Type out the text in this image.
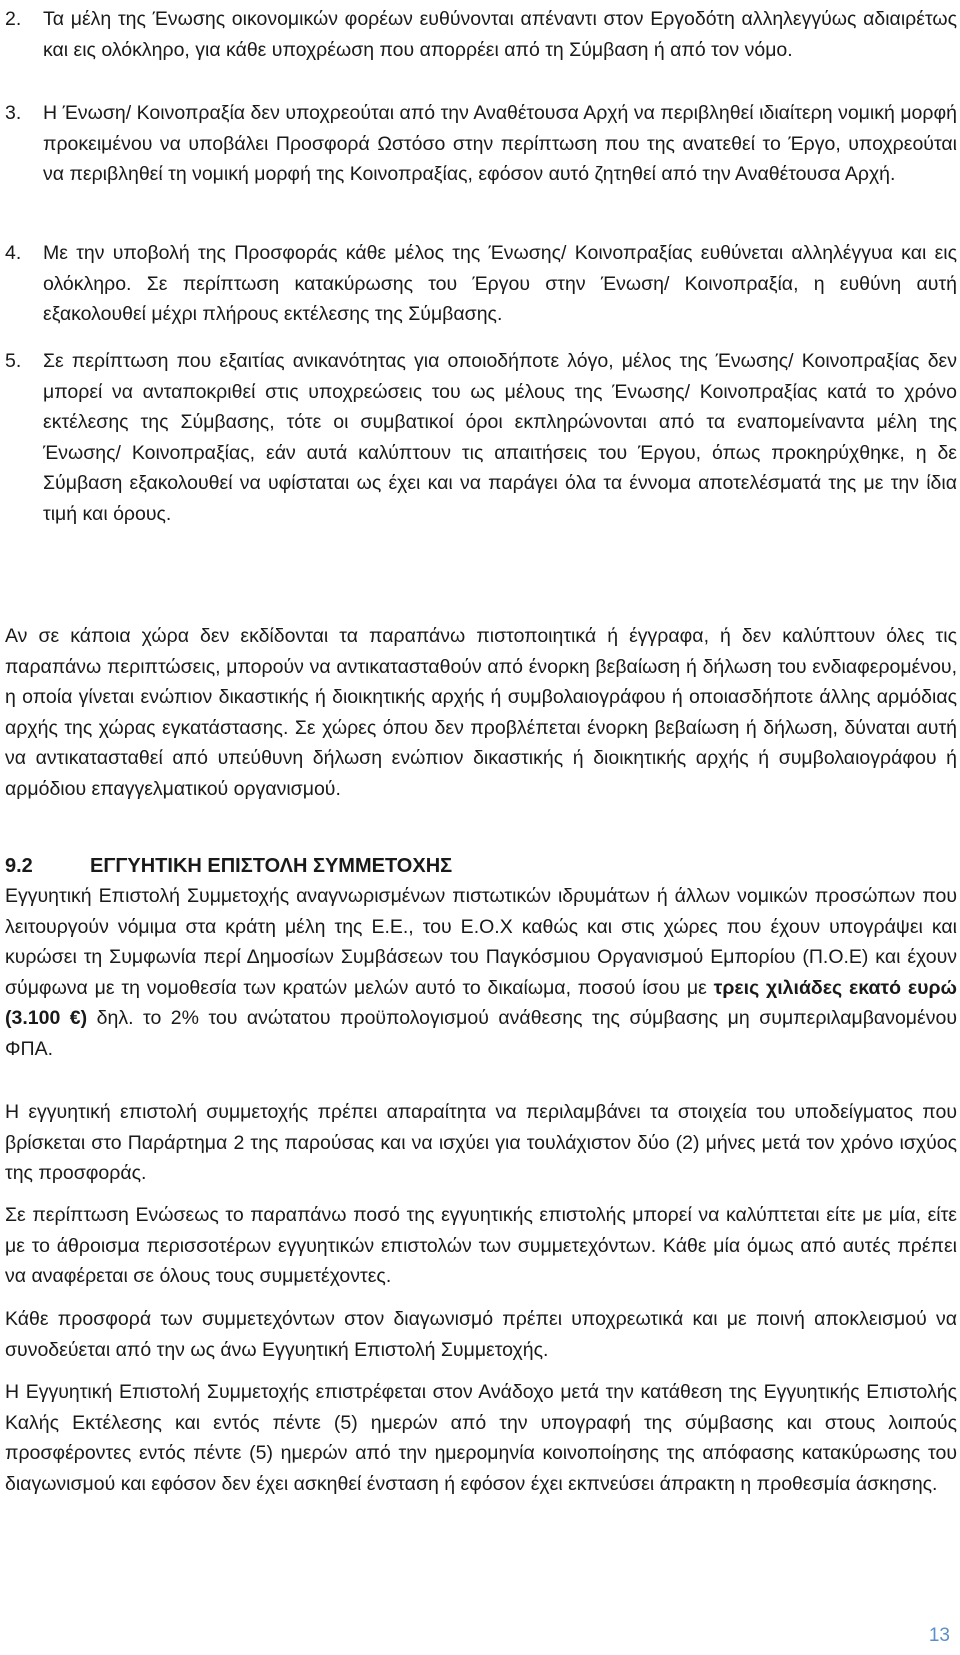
2. Τα μέλη της Ένωσης οικονομικών φορέων ευθύνονται απέναντι στον Εργοδότη αλληλεγγύως αδιαιρέτως και εις ολόκληρο, για κάθε υποχρέωση που απορρέει από τη Σύμβαση ή από τον νόμο.
3. Η Ένωση/ Κοινοπραξία δεν υποχρεούται από την Αναθέτουσα Αρχή να περιβληθεί ιδιαίτερη νομική μορφή προκειμένου να υποβάλει Προσφορά Ωστόσο στην περίπτωση που της ανατεθεί το Έργο, υποχρεούται να περιβληθεί τη νομική μορφή της Κοινοπραξίας, εφόσον αυτό ζητηθεί από την Αναθέτουσα Αρχή.
4. Με την υποβολή της Προσφοράς κάθε μέλος της Ένωσης/ Κοινοπραξίας ευθύνεται αλληλέγγυα και εις ολόκληρο. Σε περίπτωση κατακύρωσης του Έργου στην Ένωση/ Κοινοπραξία, η ευθύνη αυτή εξακολουθεί μέχρι πλήρους εκτέλεσης της Σύμβασης.
5. Σε περίπτωση που εξαιτίας ανικανότητας για οποιοδήποτε λόγο, μέλος της Ένωσης/ Κοινοπραξίας δεν μπορεί να ανταποκριθεί στις υποχρεώσεις του ως μέλους της Ένωσης/ Κοινοπραξίας κατά το χρόνο εκτέλεσης της Σύμβασης, τότε οι συμβατικοί όροι εκπληρώνονται από τα εναπομείναντα μέλη της Ένωσης/ Κοινοπραξίας, εάν αυτά καλύπτουν τις απαιτήσεις του Έργου, όπως προκηρύχθηκε, η δε Σύμβαση εξακολουθεί να υφίσταται ως έχει και να παράγει όλα τα έννομα αποτελέσματά της με την ίδια τιμή και όρους.
Αν σε κάποια χώρα δεν εκδίδονται τα παραπάνω πιστοποιητικά ή έγγραφα, ή δεν καλύπτουν όλες τις παραπάνω περιπτώσεις, μπορούν να αντικατασταθούν από ένορκη βεβαίωση ή δήλωση του ενδιαφερομένου, η οποία γίνεται ενώπιον δικαστικής ή διοικητικής αρχής ή συμβολαιογράφου ή οποιασδήποτε άλλης αρμόδιας αρχής της χώρας εγκατάστασης. Σε χώρες όπου δεν προβλέπεται ένορκη βεβαίωση ή δήλωση, δύναται αυτή να αντικατασταθεί από υπεύθυνη δήλωση ενώπιον δικαστικής ή διοικητικής αρχής ή συμβολαιογράφου ή αρμόδιου επαγγελματικού οργανισμού.
9.2	ΕΓΓΥΗΤΙΚΗ ΕΠΙΣΤΟΛΗ ΣΥΜΜΕΤΟΧΗΣ
Εγγυητική Επιστολή Συμμετοχής αναγνωρισμένων πιστωτικών ιδρυμάτων ή άλλων νομικών προσώπων που λειτουργούν νόμιμα στα κράτη μέλη της Ε.Ε., του Ε.Ο.Χ καθώς και στις χώρες που έχουν υπογράψει και κυρώσει τη Συμφωνία περί Δημοσίων Συμβάσεων του Παγκόσμιου Οργανισμού Εμπορίου (Π.Ο.Ε) και έχουν σύμφωνα με τη νομοθεσία των κρατών μελών αυτό το δικαίωμα, ποσού ίσου με τρεις χιλιάδες εκατό ευρώ (3.100 €) δηλ. το 2% του ανώτατου προϋπολογισμού ανάθεσης της σύμβασης μη συμπεριλαμβανομένου ΦΠΑ.
Η εγγυητική επιστολή συμμετοχής πρέπει απαραίτητα να περιλαμβάνει τα στοιχεία του υποδείγματος που βρίσκεται στο Παράρτημα 2 της παρούσας και να ισχύει για τουλάχιστον δύο (2) μήνες μετά τον χρόνο ισχύος της προσφοράς.
Σε περίπτωση Ενώσεως το παραπάνω ποσό της εγγυητικής επιστολής μπορεί να καλύπτεται είτε με μία, είτε με το άθροισμα περισσοτέρων εγγυητικών επιστολών των συμμετεχόντων. Κάθε μία όμως από αυτές πρέπει να αναφέρεται σε όλους τους συμμετέχοντες.
Κάθε προσφορά των συμμετεχόντων στον διαγωνισμό πρέπει υποχρεωτικά και με ποινή αποκλεισμού να συνοδεύεται από την ως άνω Εγγυητική Επιστολή Συμμετοχής.
Η Εγγυητική Επιστολή Συμμετοχής επιστρέφεται στον Ανάδοχο μετά την κατάθεση της Εγγυητικής Επιστολής Καλής Εκτέλεσης και εντός πέντε (5) ημερών από την υπογραφή της σύμβασης και στους λοιπούς προσφέροντες εντός πέντε (5) ημερών από την ημερομηνία κοινοποίησης της απόφασης κατακύρωσης του διαγωνισμού και εφόσον δεν έχει ασκηθεί ένσταση ή εφόσον έχει εκπνεύσει άπρακτη η προθεσμία άσκησης.
13
